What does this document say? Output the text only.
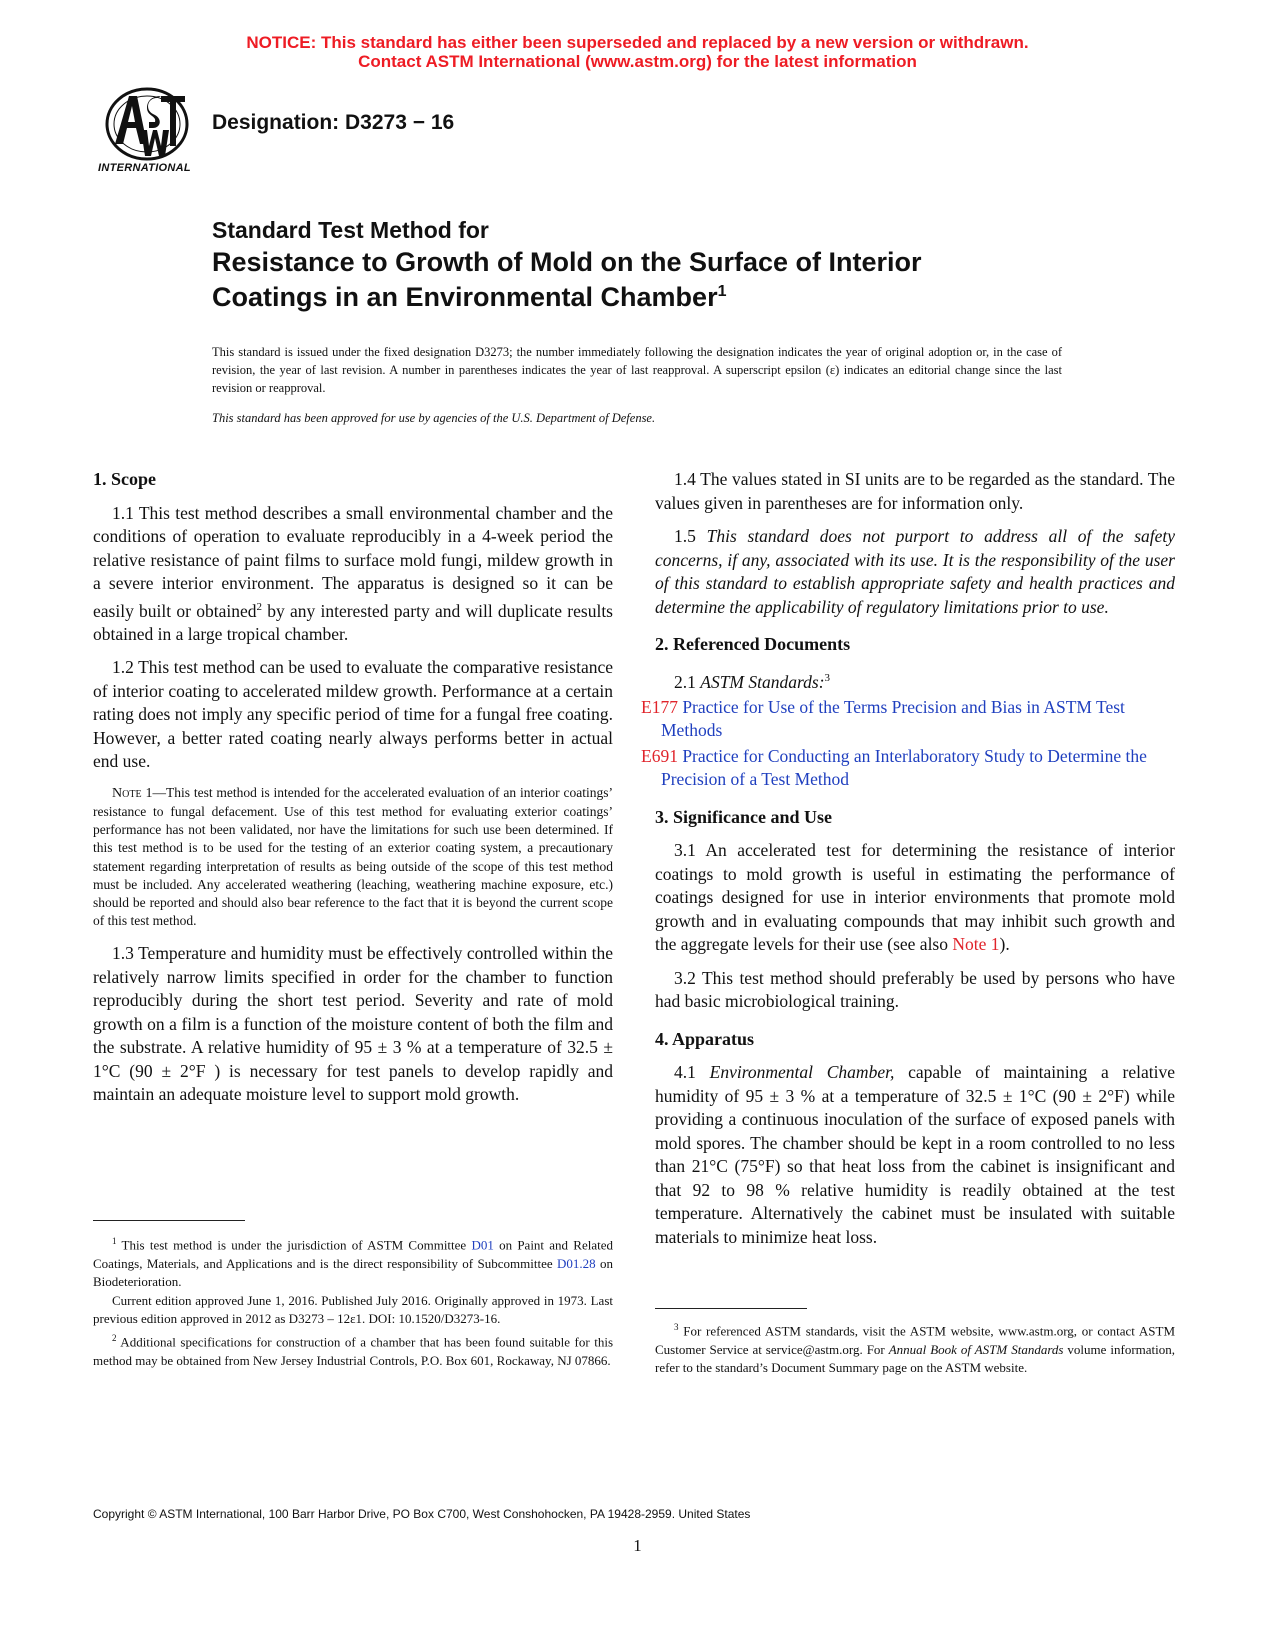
NOTICE: This standard has either been superseded and replaced by a new version or withdrawn.
Contact ASTM International (www.astm.org) for the latest information
INTERNATIONAL
Designation: D3273 − 16
Standard Test Method for
Resistance to Growth of Mold on the Surface of Interior
Coatings in an Environmental Chamber$^1$
This standard is issued under the fixed designation D3273; the number immediately following the designation indicates the year of original adoption or, in the case of revision, the year of last revision. A number in parentheses indicates the year of last reapproval. A superscript epsilon (ε) indicates an editorial change since the last revision or reapproval.
This standard has been approved for use by agencies of the U.S. Department of Defense.
1. Scope
1.1 This test method describes a small environmental chamber and the conditions of operation to evaluate reproducibly in a 4-week period the relative resistance of paint films to surface mold fungi, mildew growth in a severe interior environment. The apparatus is designed so it can be easily built or obtained$^2$ by any interested party and will duplicate results obtained in a large tropical chamber.
1.2 This test method can be used to evaluate the comparative resistance of interior coating to accelerated mildew growth. Performance at a certain rating does not imply any specific period of time for a fungal free coating. However, a better rated coating nearly always performs better in actual end use.
Note 1—This test method is intended for the accelerated evaluation of an interior coatings’ resistance to fungal defacement. Use of this test method for evaluating exterior coatings’ performance has not been validated, nor have the limitations for such use been determined. If this test method is to be used for the testing of an exterior coating system, a precautionary statement regarding interpretation of results as being outside of the scope of this test method must be included. Any accelerated weathering (leaching, weathering machine exposure, etc.) should be reported and should also bear reference to the fact that it is beyond the current scope of this test method.
1.3 Temperature and humidity must be effectively controlled within the relatively narrow limits specified in order for the chamber to function reproducibly during the short test period. Severity and rate of mold growth on a film is a function of the moisture content of both the film and the substrate. A relative humidity of 95 ± 3 % at a temperature of 32.5 ± 1°C (90 ± 2°F ) is necessary for test panels to develop rapidly and maintain an adequate moisture level to support mold growth.
1.4 The values stated in SI units are to be regarded as the standard. The values given in parentheses are for information only.
1.5 This standard does not purport to address all of the safety concerns, if any, associated with its use. It is the responsibility of the user of this standard to establish appropriate safety and health practices and determine the applicability of regulatory limitations prior to use.
2. Referenced Documents
2.1 ASTM Standards:$^3$
E177 Practice for Use of the Terms Precision and Bias in ASTM Test Methods
E691 Practice for Conducting an Interlaboratory Study to Determine the Precision of a Test Method
3. Significance and Use
3.1 An accelerated test for determining the resistance of interior coatings to mold growth is useful in estimating the performance of coatings designed for use in interior environments that promote mold growth and in evaluating compounds that may inhibit such growth and the aggregate levels for their use (see also Note 1).
3.2 This test method should preferably be used by persons who have had basic microbiological training.
4. Apparatus
4.1 Environmental Chamber, capable of maintaining a relative humidity of 95 ± 3 % at a temperature of 32.5 ± 1°C (90 ± 2°F) while providing a continuous inoculation of the surface of exposed panels with mold spores. The chamber should be kept in a room controlled to no less than 21°C (75°F) so that heat loss from the cabinet is insignificant and that 92 to 98 % relative humidity is readily obtained at the test temperature. Alternatively the cabinet must be insulated with suitable materials to minimize heat loss.
$^1$ This test method is under the jurisdiction of ASTM Committee D01 on Paint and Related Coatings, Materials, and Applications and is the direct responsibility of Subcommittee D01.28 on Biodeterioration.
Current edition approved June 1, 2016. Published July 2016. Originally approved in 1973. Last previous edition approved in 2012 as D3273 – 12ε1. DOI: 10.1520/D3273-16.
$^2$ Additional specifications for construction of a chamber that has been found suitable for this method may be obtained from New Jersey Industrial Controls, P.O. Box 601, Rockaway, NJ 07866.
$^3$ For referenced ASTM standards, visit the ASTM website, www.astm.org, or contact ASTM Customer Service at service@astm.org. For Annual Book of ASTM Standards volume information, refer to the standard’s Document Summary page on the ASTM website.
Copyright © ASTM International, 100 Barr Harbor Drive, PO Box C700, West Conshohocken, PA 19428-2959. United States
1
